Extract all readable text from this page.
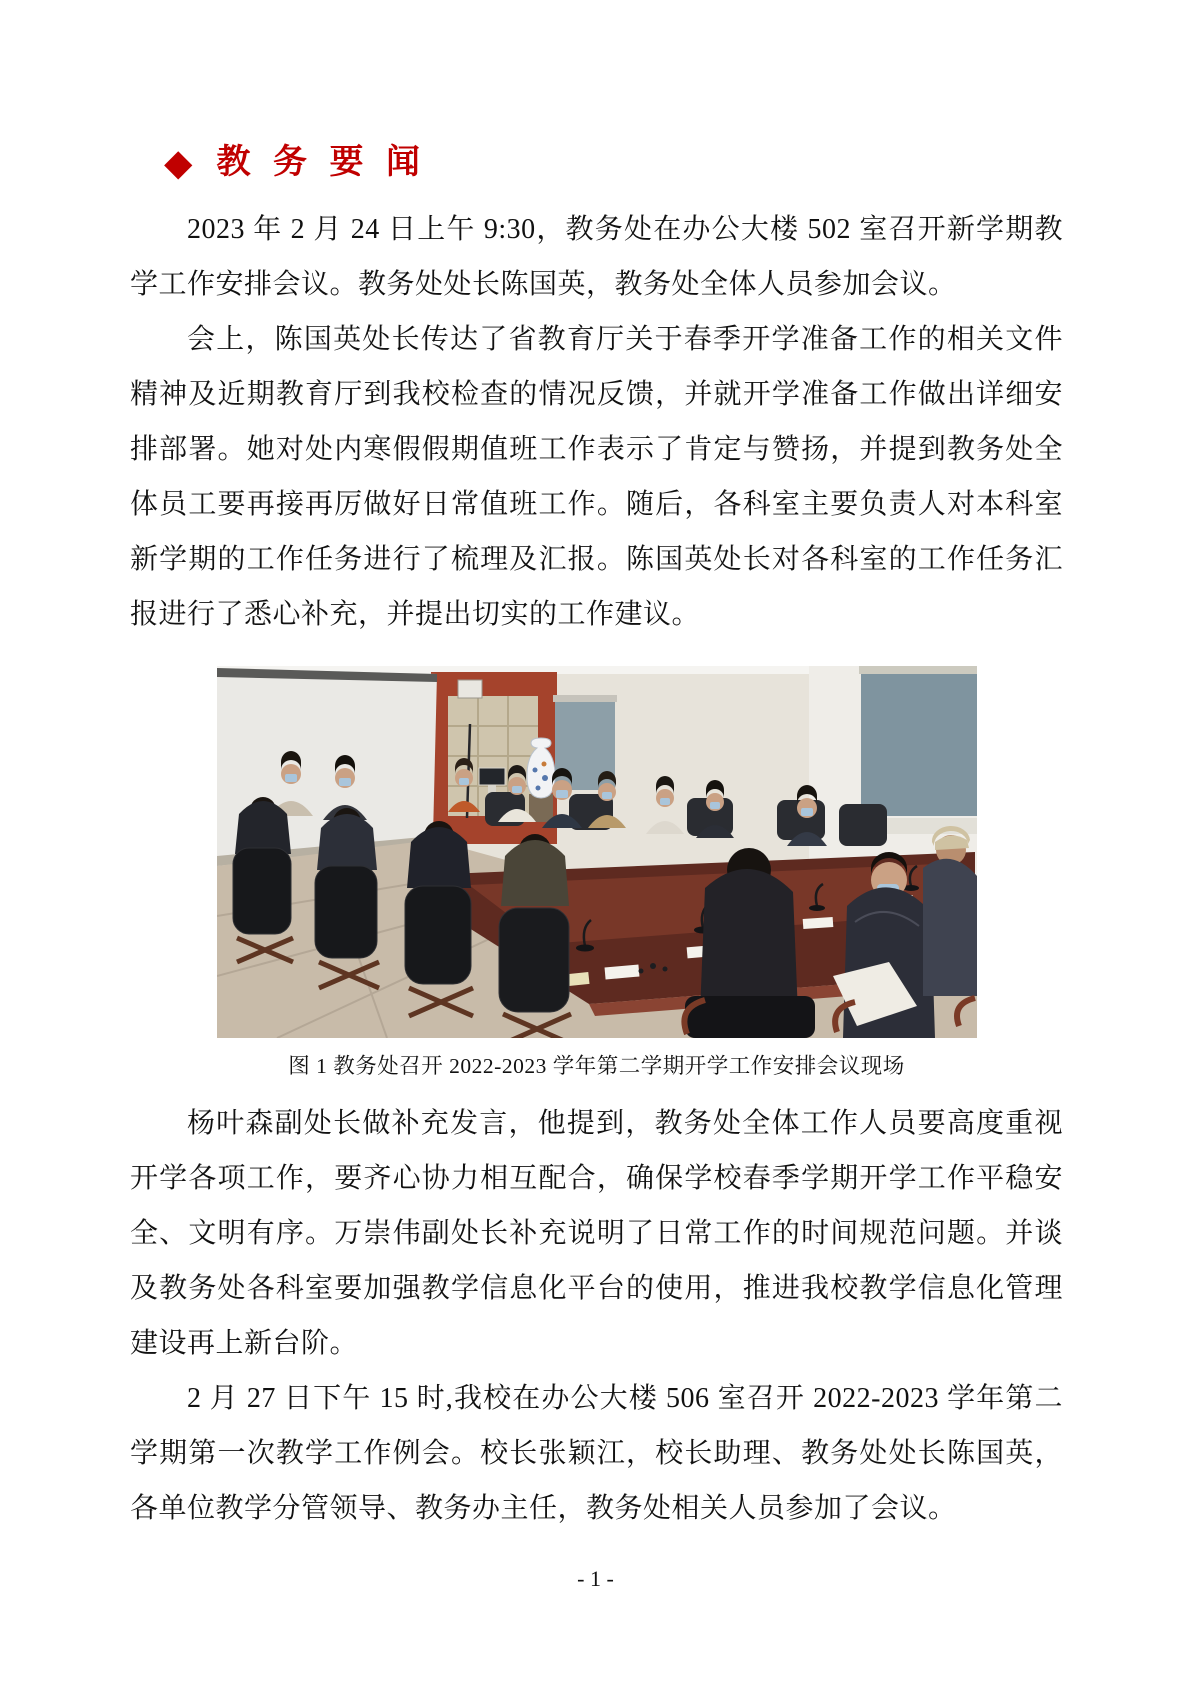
◆ 教 务 要 闻

2023 年 2 月 24 日上午 9:30，教务处在办公大楼 502 室召开新学期教学工作安排会议。教务处处长陈国英，教务处全体人员参加会议。

会上，陈国英处长传达了省教育厅关于春季开学准备工作的相关文件精神及近期教育厅到我校检查的情况反馈，并就开学准备工作做出详细安排部署。她对处内寒假假期值班工作表示了肯定与赞扬，并提到教务处全体员工要再接再厉做好日常值班工作。随后，各科室主要负责人对本科室新学期的工作任务进行了梳理及汇报。陈国英处长对各科室的工作任务汇报进行了悉心补充，并提出切实的工作建议。

图 1 教务处召开 2022-2023 学年第二学期开学工作安排会议现场

杨叶森副处长做补充发言，他提到，教务处全体工作人员要高度重视开学各项工作，要齐心协力相互配合，确保学校春季学期开学工作平稳安全、文明有序。万崇伟副处长补充说明了日常工作的时间规范问题。并谈及教务处各科室要加强教学信息化平台的使用，推进我校教学信息化管理建设再上新台阶。

2 月 27 日下午 15 时,我校在办公大楼 506 室召开 2022-2023 学年第二学期第一次教学工作例会。校长张颖江，校长助理、教务处处长陈国英，各单位教学分管领导、教务办主任，教务处相关人员参加了会议。

- 1 -
